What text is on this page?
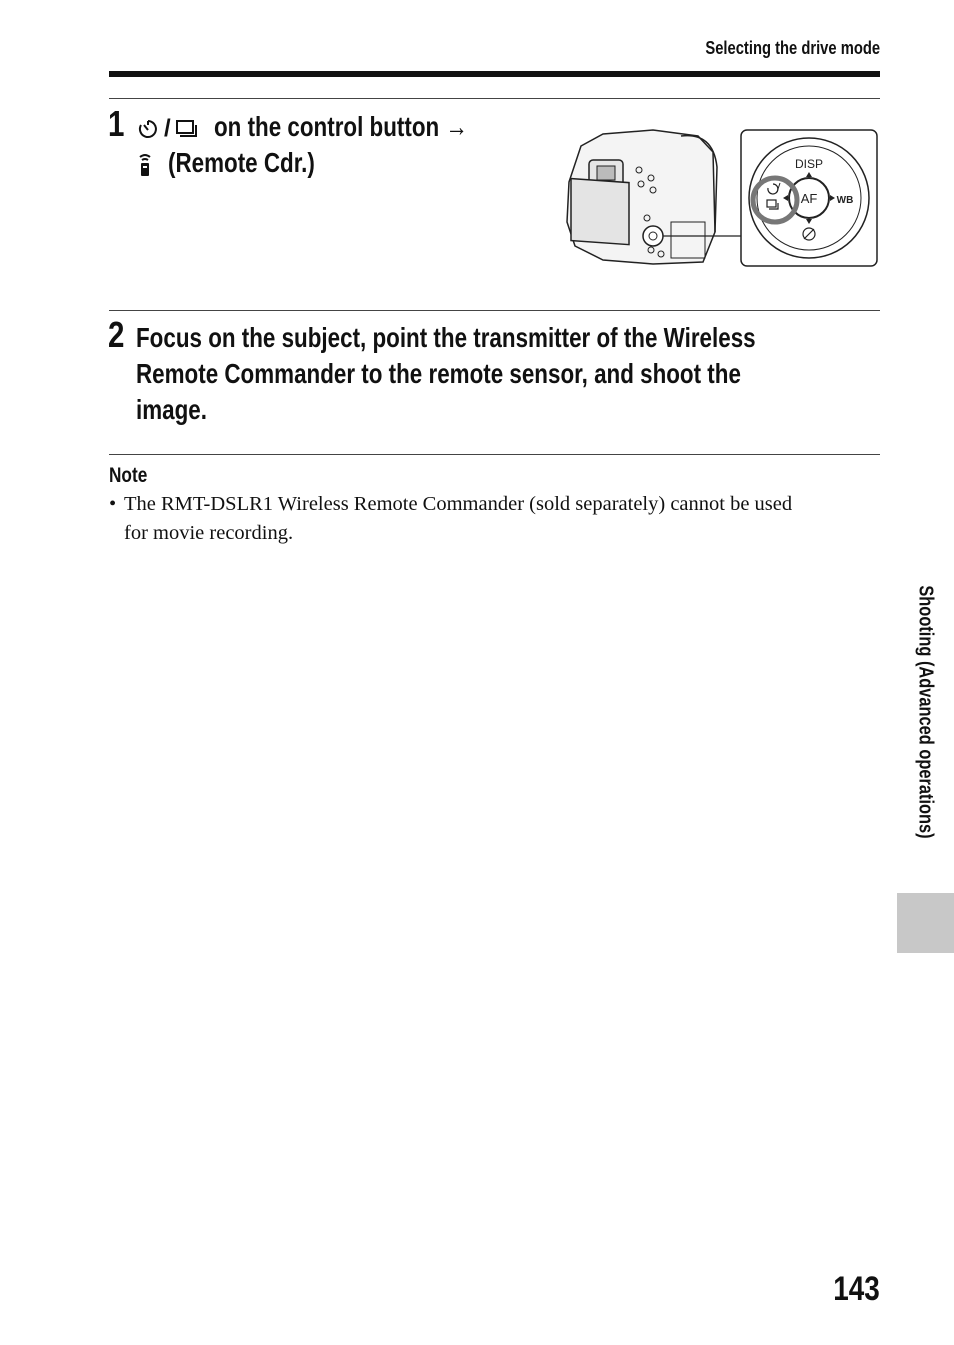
Selecting the drive mode
1	/ on the control button →
(Remote Cdr.)	DISP
AF WB
2 Focus on the subject, point the transmitter of the Wireless
Remote Commander to the remote sensor, and shoot the
image.
Note
• The RMT-DSLR1 Wireless Remote Commander (sold separately) cannot be used
for movie recording.
Shooting (Advanced operations)
143
